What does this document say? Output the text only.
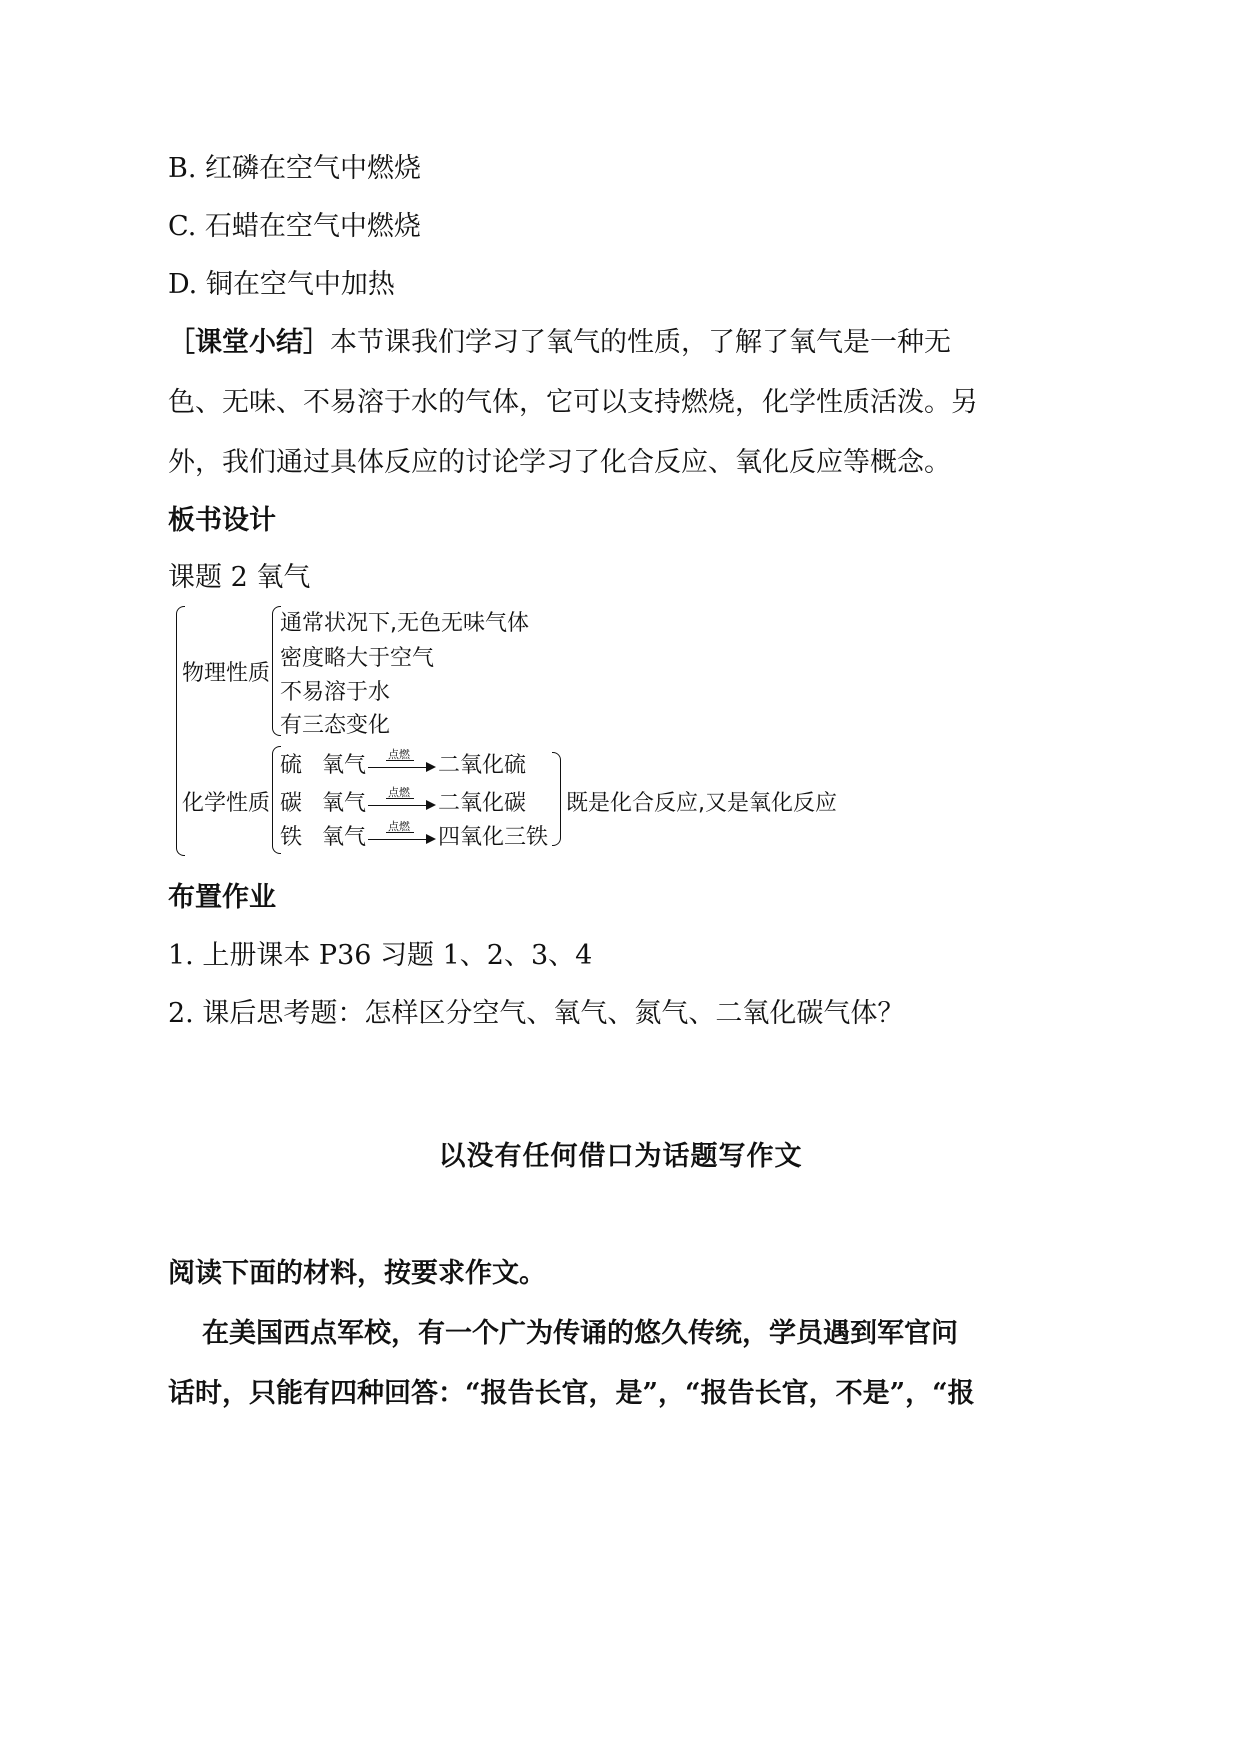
B. 红磷在空气中燃烧
C. 石蜡在空气中燃烧
D. 铜在空气中加热
［课堂小结］本节课我们学习了氧气的性质，了解了氧气是一种无
色、无味、不易溶于水的气体，它可以支持燃烧，化学性质活泼。另
外，我们通过具体反应的讨论学习了化合反应、氧化反应等概念。
板书设计
课题 2 氧气
物理性质
通常状况下,无色无味气体
密度略大于空气
不易溶于水
有三态变化
化学性质
硫 氧气 点燃 二氧化硫
碳 氧气 点燃 二氧化碳
铁 氧气 点燃 四氧化三铁
既是化合反应,又是氧化反应
布置作业
1. 上册课本 P36 习题 1、2、3、4
2. 课后思考题：怎样区分空气、氧气、氮气、二氧化碳气体？
以没有任何借口为话题写作文
阅读下面的材料，按要求作文。
在美国西点军校，有一个广为传诵的悠久传统，学员遇到军官问
话时，只能有四种回答：“报告长官，是”，“报告长官，不是”，“报
